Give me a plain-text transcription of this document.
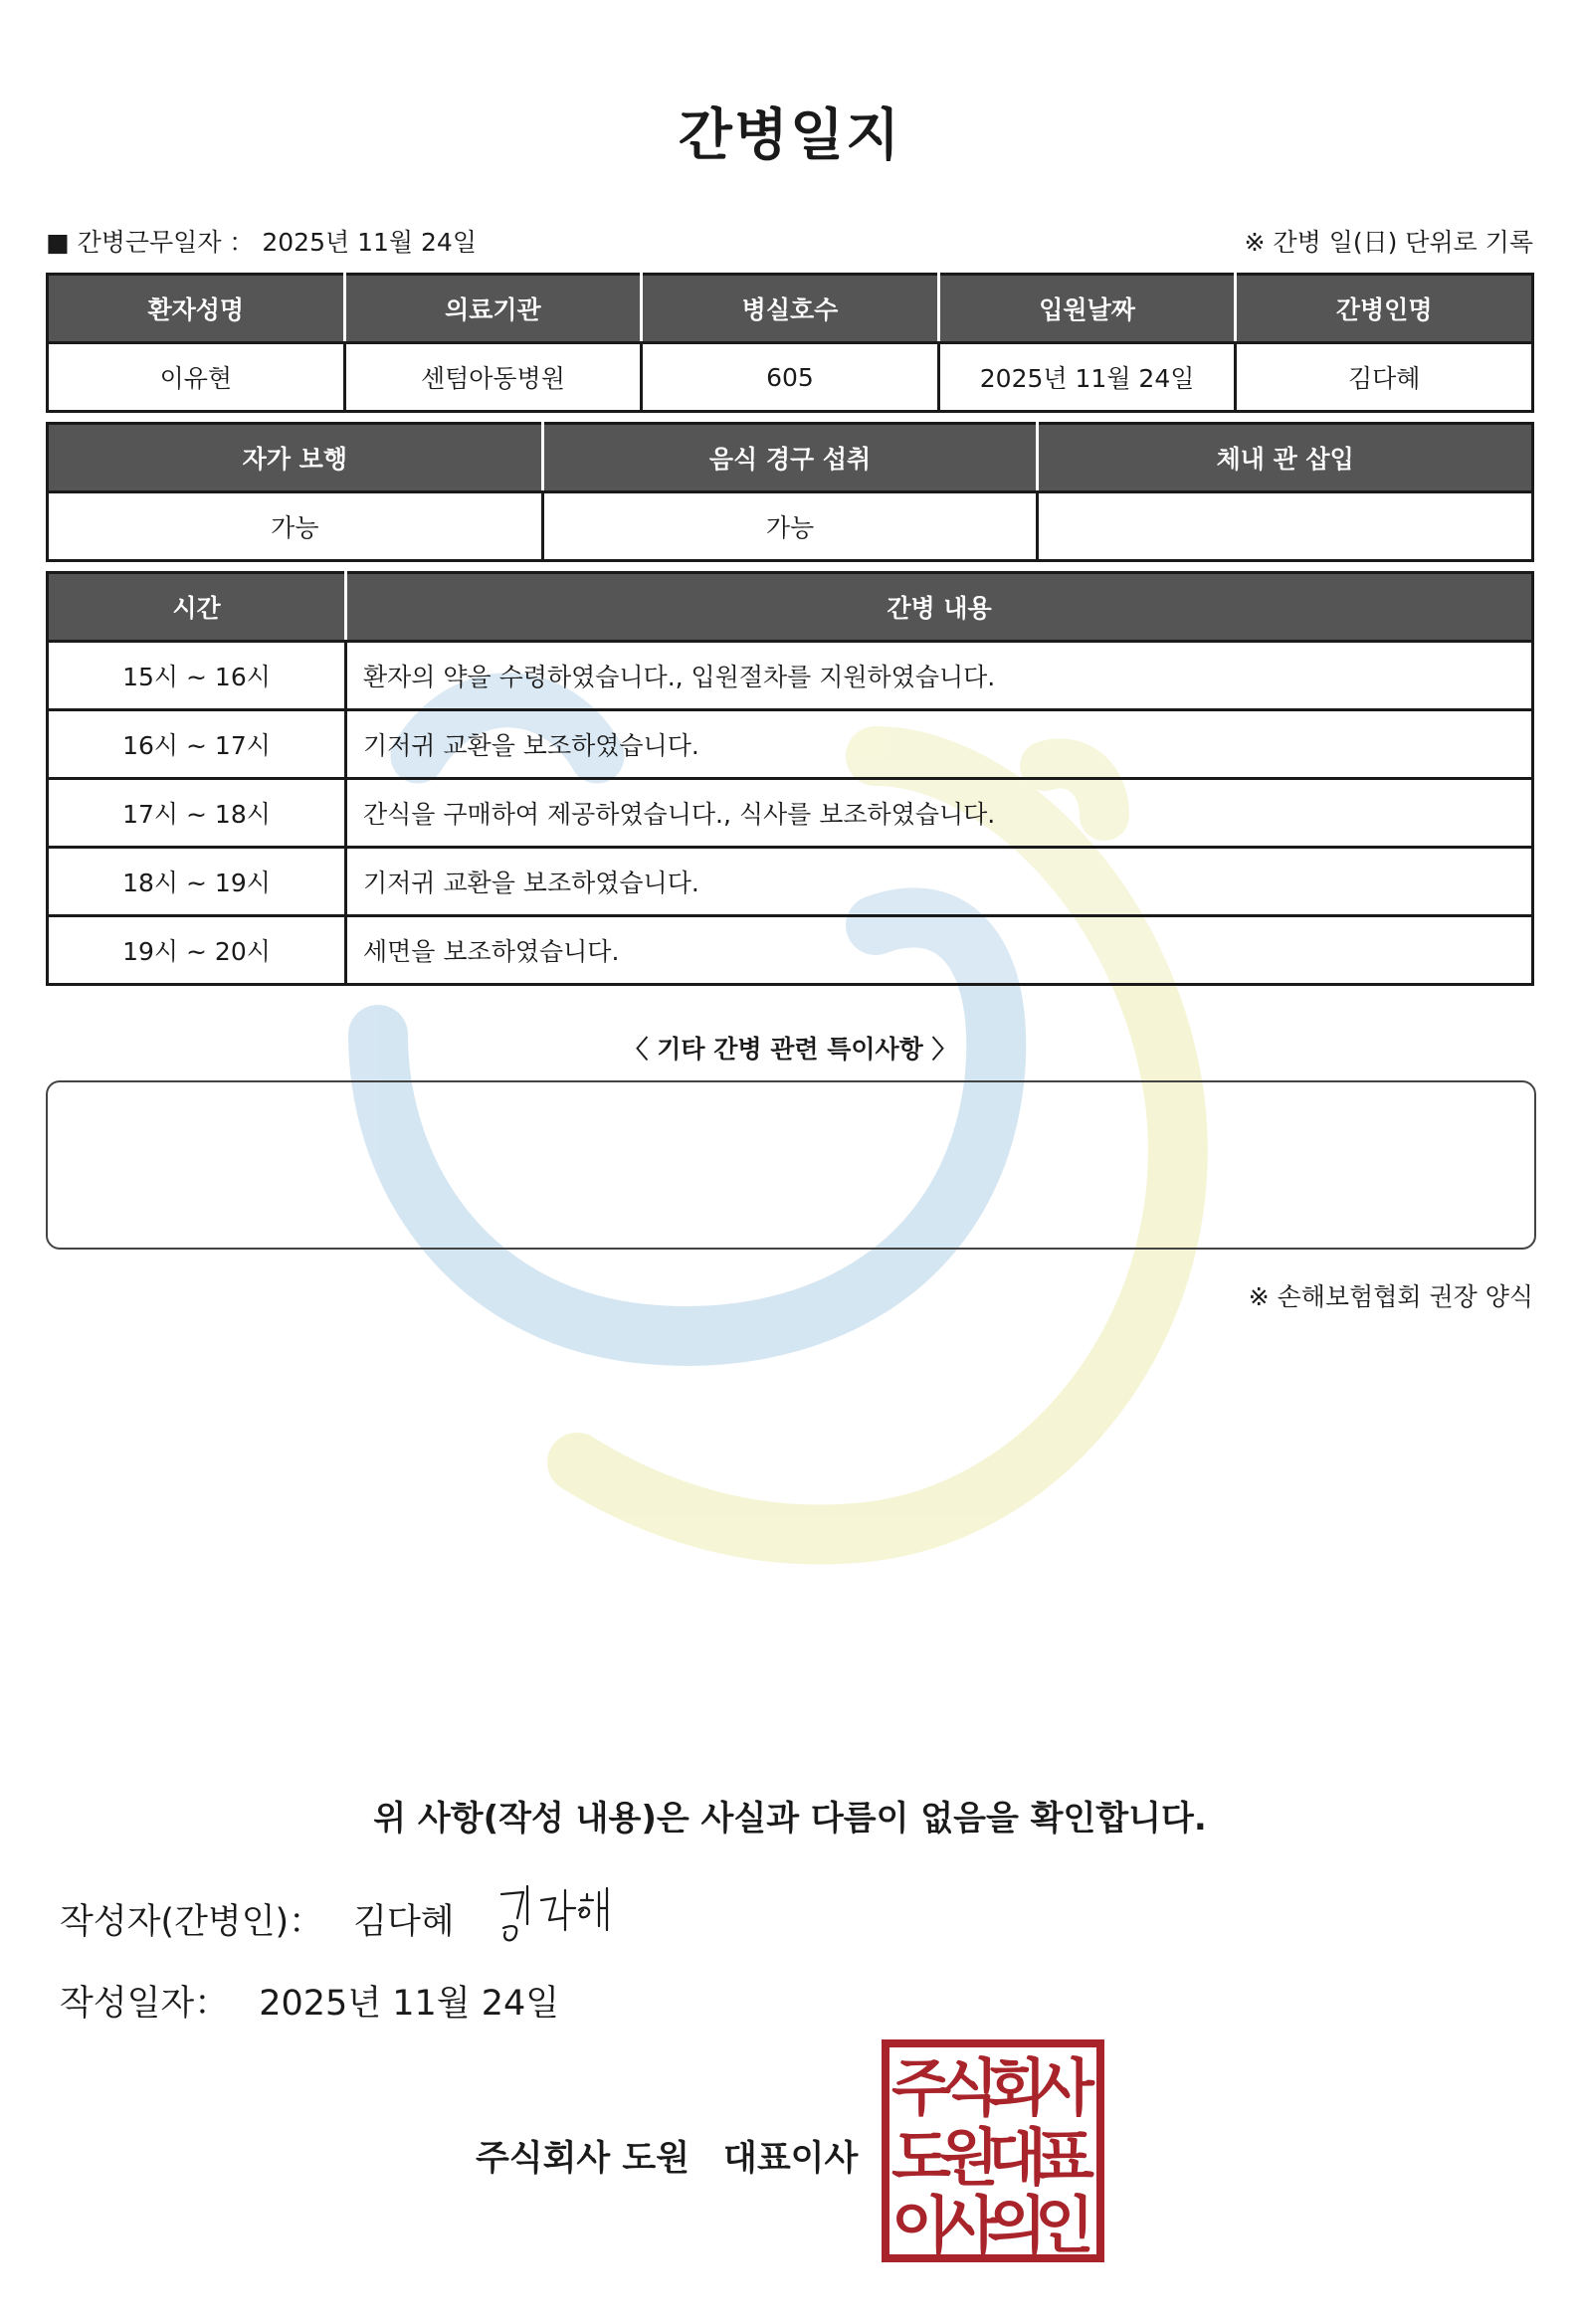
간병일지
■ 간병근무일자 ： 2025년 11월 24일	※ 간병 일(日) 단위로 기록
환자성명	의료기관	병실호수	입원날짜	간병인명
이유현	센텀아동병원	605	2025년 11월 24일	김다혜
자가 보행	음식 경구 섭취	체내 관 삽입
가능	가능	
시간	간병 내용
15시 ~ 16시	환자의 약을 수령하였습니다., 입원절차를 지원하였습니다.
16시 ~ 17시	기저귀 교환을 보조하였습니다.
17시 ~ 18시	간식을 구매하여 제공하였습니다., 식사를 보조하였습니다.
18시 ~ 19시	기저귀 교환을 보조하였습니다.
19시 ~ 20시	세면을 보조하였습니다.
〈 기타 간병 관련 특이사항 〉
※ 손해보험협회 권장 양식
위 사항(작성 내용)은 사실과 다름이 없음을 확인합니다.
작성자(간병인)： 김다혜
작성일자： 2025년 11월 24일
주식회사 도원 대표이사
주
식
회
사
도
원
대
표
이
사
의
인
